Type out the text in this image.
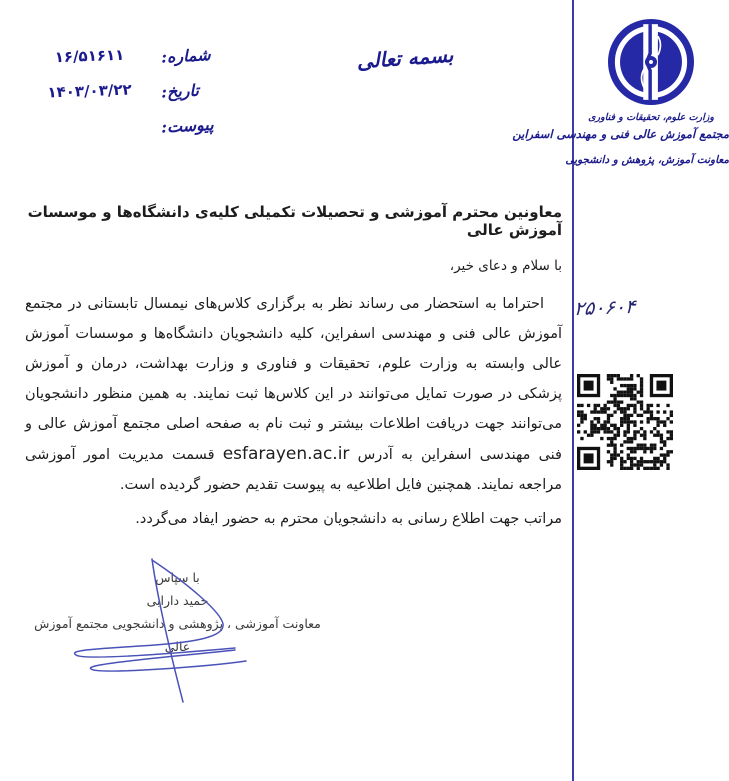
وزارت علوم، تحقیقات و فناوری
مجتمع آموزش عالی فنی و مهندسی اسفراین
معاونت آموزش، پژوهش و دانشجویی
بسمه تعالی
شماره:
۱۶/۵۱۶۱۱
تاریخ:
۱۴۰۳/۰۳/۲۲
پیوست:
۲۵۰۶۰۴

معاونین محترم آموزشی و تحصیلات تکمیلی کلیه‌ی دانشگاه‌ها و موسسات آموزش عالی

با سلام و دعای خیر،

احتراما به استحضار می رساند نظر به برگزاری کلاس‌های نیمسال تابستانی در مجتمع آموزش عالی فنی و مهندسی اسفراین، کلیه دانشجویان دانشگاه‌ها و موسسات آموزش عالی وابسته به وزارت علوم، تحقیقات و فناوری و وزارت بهداشت، درمان و آموزش پزشکی در صورت تمایل می‌توانند در این کلاس‌ها ثبت نمایند. به همین منظور دانشجویان می‌توانند جهت دریافت اطلاعات بیشتر و ثبت نام به صفحه اصلی مجتمع آموزش عالی و فنی مهندسی اسفراین به آدرس esfarayen.ac.ir قسمت مدیریت امور آموزشی مراجعه نمایند. همچنین فایل اطلاعیه به پیوست تقدیم حضور گردیده است.

مراتب جهت اطلاع رسانی به دانشجویان محترم به حضور ایفاد می‌گردد.

با سپاس
حمید دارابی
معاونت آموزشی ، پژوهشی و دانشجویی مجتمع آموزش
عالی
